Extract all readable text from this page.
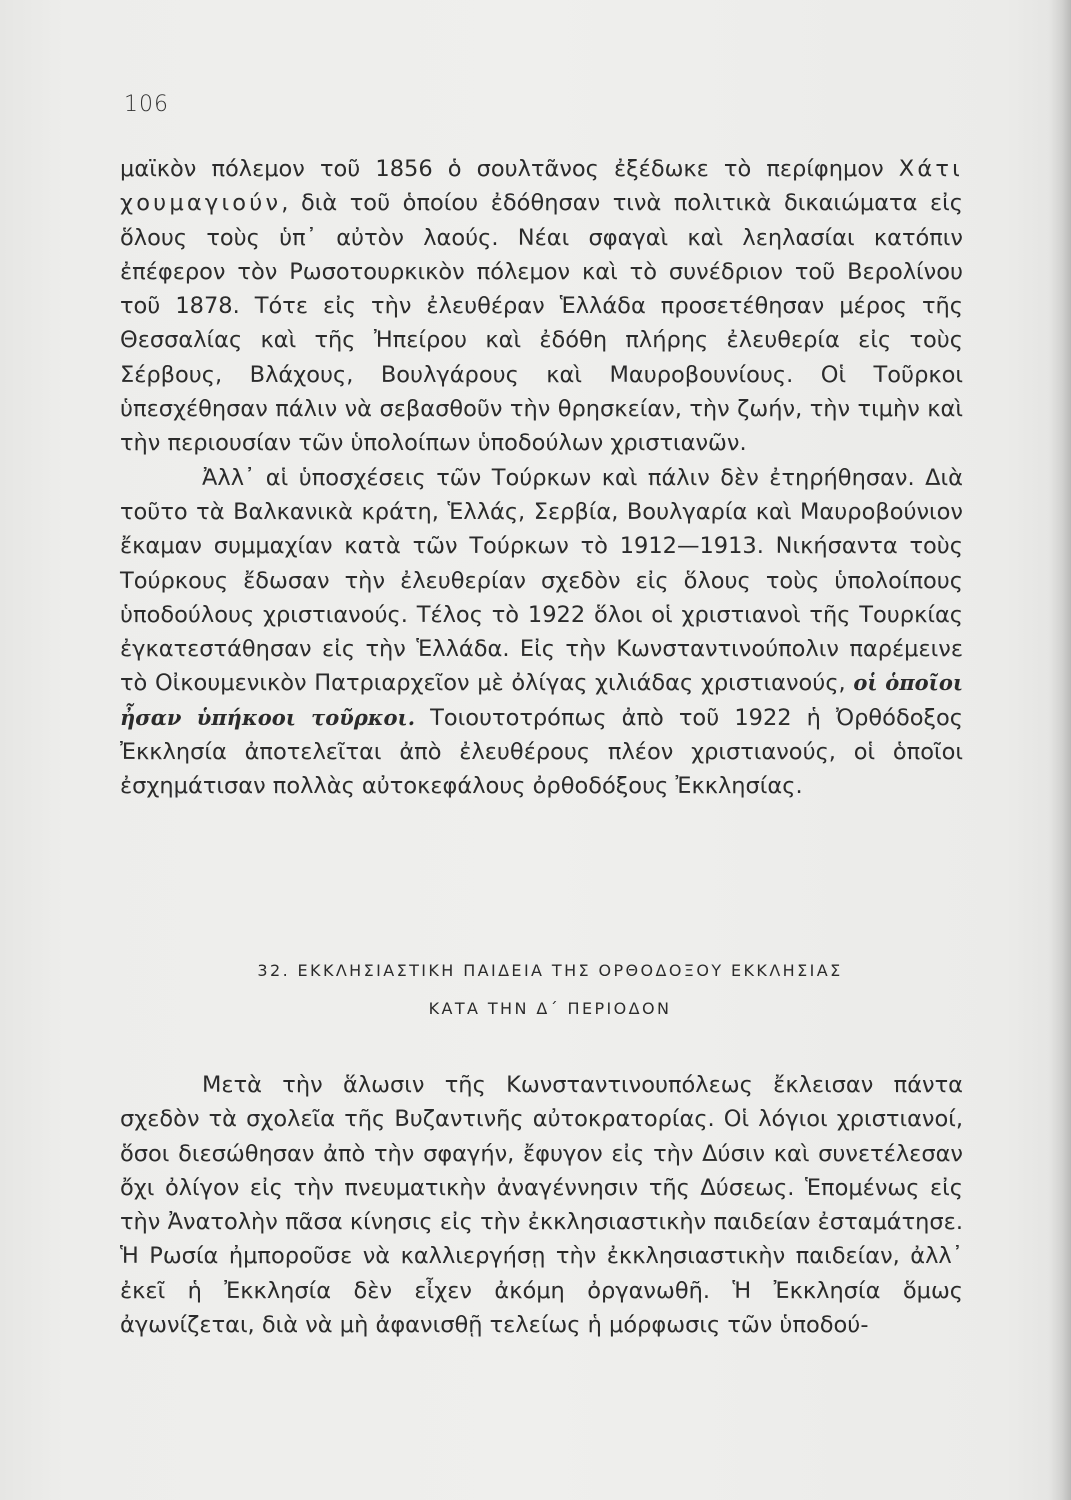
106

μαϊκὸν πόλεμον τοῦ 1856 ὁ σουλτᾶνος ἐξέδωκε τὸ περίφημον Χάτι χουμαγιούν, διὰ τοῦ ὁποίου ἐδόθησαν τινὰ πολιτικὰ δικαιώματα εἰς ὅλους τοὺς ὑπ᾽ αὐτὸν λαούς. Νέαι σφαγαὶ καὶ λεηλασίαι κατόπιν ἐπέφερον τὸν Ρωσοτουρκικὸν πόλεμον καὶ τὸ συνέδριον τοῦ Βερολίνου τοῦ 1878. Τότε εἰς τὴν ἐλευθέραν Ἑλλάδα προσετέθησαν μέρος τῆς Θεσσαλίας καὶ τῆς Ἠπείρου καὶ ἐδόθη πλήρης ἐλευθερία εἰς τοὺς Σέρβους, Βλάχους, Βουλγάρους καὶ Μαυροβουνίους. Οἱ Τοῦρκοι ὑπεσχέθησαν πάλιν νὰ σεβασθοῦν τὴν θρησκείαν, τὴν ζωήν, τὴν τιμὴν καὶ τὴν περιουσίαν τῶν ὑπολοίπων ὑποδούλων χριστιανῶν.

Ἀλλ᾽ αἱ ὑποσχέσεις τῶν Τούρκων καὶ πάλιν δὲν ἐτηρήθησαν. Διὰ τοῦτο τὰ Βαλκανικὰ κράτη, Ἑλλάς, Σερβία, Βουλγαρία καὶ Μαυροβούνιον ἔκαμαν συμμαχίαν κατὰ τῶν Τούρκων τὸ 1912—1913. Νικήσαντα τοὺς Τούρκους ἔδωσαν τὴν ἐλευθερίαν σχεδὸν εἰς ὅλους τοὺς ὑπολοίπους ὑποδούλους χριστιανούς. Τέλος τὸ 1922 ὅλοι οἱ χριστιανοὶ τῆς Τουρκίας ἐγκατεστάθησαν εἰς τὴν Ἑλλάδα. Εἰς τὴν Κωνσταντινούπολιν παρέμεινε τὸ Οἰκουμενικὸν Πατριαρχεῖον μὲ ὀλίγας χιλιάδας χριστιανούς, οἱ ὁποῖοι ἦσαν ὑπήκοοι τοῦρκοι. Τοιουτοτρόπως ἀπὸ τοῦ 1922 ἡ Ὀρθόδοξος Ἐκκλησία ἀποτελεῖται ἀπὸ ἐλευθέρους πλέον χριστιανούς, οἱ ὁποῖοι ἐσχημάτισαν πολλὰς αὐτοκεφάλους ὀρθοδόξους Ἐκκλησίας.

32. ΕΚΚΛΗΣΙΑΣΤΙΚΗ ΠΑΙΔΕΙΑ ΤΗΣ ΟΡΘΟΔΟΞΟΥ ΕΚΚΛΗΣΙΑΣ
ΚΑΤΑ ΤΗΝ Δ΄ ΠΕΡΙΟΔΟΝ

Μετὰ τὴν ἅλωσιν τῆς Κωνσταντινουπόλεως ἔκλεισαν πάντα σχεδὸν τὰ σχολεῖα τῆς Βυζαντινῆς αὐτοκρατορίας. Οἱ λόγιοι χριστιανοί, ὅσοι διεσώθησαν ἀπὸ τὴν σφαγήν, ἔφυγον εἰς τὴν Δύσιν καὶ συνετέλεσαν ὄχι ὀλίγον εἰς τὴν πνευματικὴν ἀναγέννησιν τῆς Δύσεως. Ἑπομένως εἰς τὴν Ἀνατολὴν πᾶσα κίνησις εἰς τὴν ἐκκλησιαστικὴν παιδείαν ἐσταμάτησε. Ἡ Ρωσία ἠμποροῦσε νὰ καλλιεργήσῃ τὴν ἐκκλησιαστικὴν παιδείαν, ἀλλ᾽ ἐκεῖ ἡ Ἐκκλησία δὲν εἶχεν ἀκόμη ὀργανωθῆ. Ἡ Ἐκκλησία ὅμως ἀγωνίζεται, διὰ νὰ μὴ ἀφανισθῇ τελείως ἡ μόρφωσις τῶν ὑποδού-
